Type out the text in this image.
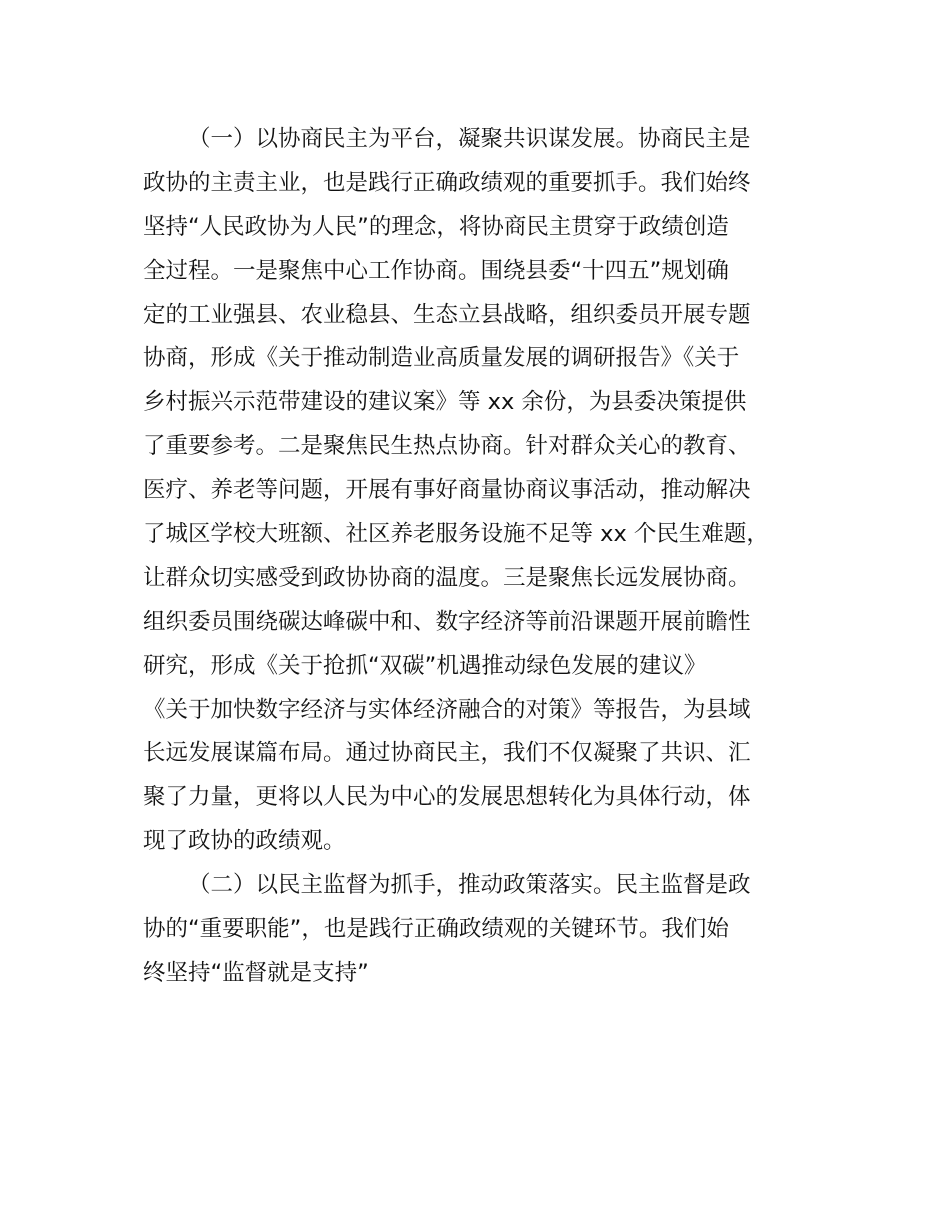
（一）以协商民主为平台，凝聚共识谋发展。协商民主是
政协的主责主业，也是践行正确政绩观的重要抓手。我们始终
坚持“人民政协为人民”的理念，将协商民主贯穿于政绩创造
全过程。一是聚焦中心工作协商。围绕县委“十四五”规划确
定的工业强县、农业稳县、生态立县战略，组织委员开展专题
协商，形成《关于推动制造业高质量发展的调研报告》《关于
乡村振兴示范带建设的建议案》等 xx 余份，为县委决策提供
了重要参考。二是聚焦民生热点协商。针对群众关心的教育、
医疗、养老等问题，开展有事好商量协商议事活动，推动解决
了城区学校大班额、社区养老服务设施不足等 xx 个民生难题，
让群众切实感受到政协协商的温度。三是聚焦长远发展协商。
组织委员围绕碳达峰碳中和、数字经济等前沿课题开展前瞻性
研究，形成《关于抢抓“双碳”机遇推动绿色发展的建议》
《关于加快数字经济与实体经济融合的对策》等报告，为县域
长远发展谋篇布局。通过协商民主，我们不仅凝聚了共识、汇
聚了力量，更将以人民为中心的发展思想转化为具体行动，体
现了政协的政绩观。
（二）以民主监督为抓手，推动政策落实。民主监督是政
协的“重要职能”，也是践行正确政绩观的关键环节。我们始
终坚持“监督就是支持”
